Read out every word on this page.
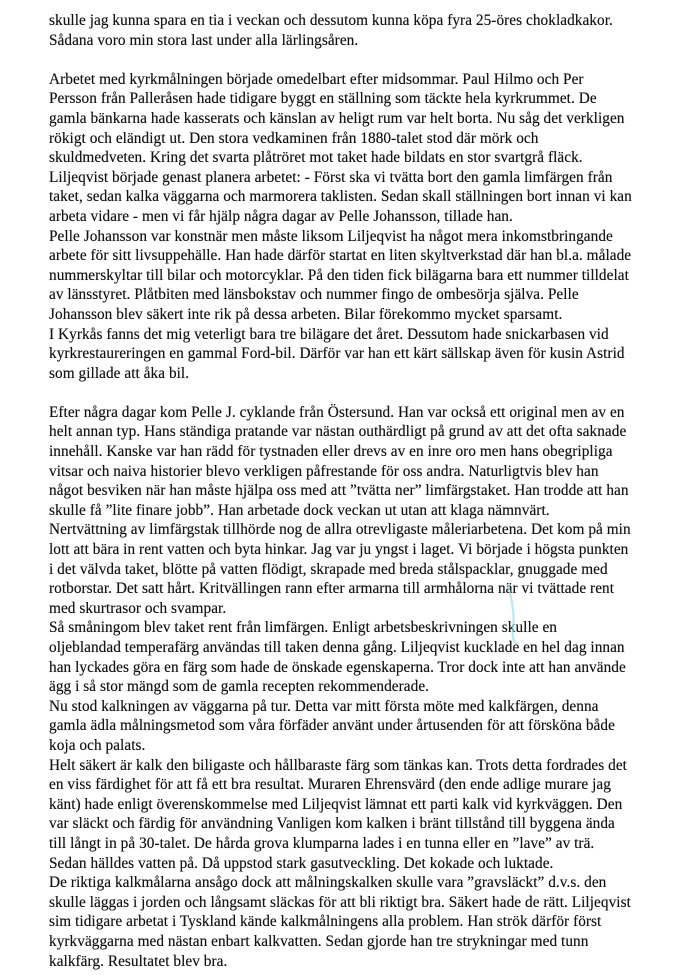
skulle jag kunna spara en tia i veckan och dessutom kunna köpa fyra 25-öres chokladkakor.
Sådana voro min stora last under alla lärlingsåren.
Arbetet med kyrkmålningen började omedelbart efter midsommar. Paul Hilmo och Per
Persson från Palleråsen hade tidigare byggt en ställning som täckte hela kyrkrummet. De
gamla bänkarna hade kasserats och känslan av heligt rum var helt borta. Nu såg det verkligen
rökigt och eländigt ut. Den stora vedkaminen från 1880-talet stod där mörk och
skuldmedveten. Kring det svarta plåtröret mot taket hade bildats en stor svartgrå fläck.
Liljeqvist började genast planera arbetet: - Först ska vi tvätta bort den gamla limfärgen från
taket, sedan kalka väggarna och marmorera taklisten. Sedan skall ställningen bort innan vi kan
arbeta vidare - men vi får hjälp några dagar av Pelle Johansson, tillade han.
Pelle Johansson var konstnär men måste liksom Liljeqvist ha något mera inkomstbringande
arbete för sitt livsuppehälle. Han hade därför startat en liten skyltverkstad där han bl.a. målade
nummerskyltar till bilar och motorcyklar. På den tiden fick bilägarna bara ett nummer tilldelat
av länsstyret. Plåtbiten med länsbokstav och nummer fingo de ombesörja själva. Pelle
Johansson blev säkert inte rik på dessa arbeten. Bilar förekommo mycket sparsamt.
I Kyrkås fanns det mig veterligt bara tre bilägare det året. Dessutom hade snickarbasen vid
kyrkrestaureringen en gammal Ford-bil. Därför var han ett kärt sällskap även för kusin Astrid
som gillade att åka bil.
Efter några dagar kom Pelle J. cyklande från Östersund. Han var också ett original men av en
helt annan typ. Hans ständiga pratande var nästan outhärdligt på grund av att det ofta saknade
innehåll. Kanske var han rädd för tystnaden eller drevs av en inre oro men hans obegripliga
vitsar och naiva historier blevo verkligen påfrestande för oss andra. Naturligtvis blev han
något besviken när han måste hjälpa oss med att ”tvätta ner” limfärgstaket. Han trodde att han
skulle få ”lite finare jobb”. Han arbetade dock veckan ut utan att klaga nämnvärt.
Nertvättning av limfärgstak tillhörde nog de allra otrevligaste måleriarbetena. Det kom på min
lott att bära in rent vatten och byta hinkar. Jag var ju yngst i laget. Vi började i högsta punkten
i det välvda taket, blötte på vatten flödigt, skrapade med breda stålspacklar, gnuggade med
rotborstar. Det satt hårt. Kritvällingen rann efter armarna till armhålorna när vi tvättade rent
med skurtrasor och svampar.
Så småningom blev taket rent från limfärgen. Enligt arbetsbeskrivningen skulle en
oljeblandad temperafärg användas till taken denna gång. Liljeqvist kucklade en hel dag innan
han lyckades göra en färg som hade de önskade egenskaperna. Tror dock inte att han använde
ägg i så stor mängd som de gamla recepten rekommenderade.
Nu stod kalkningen av väggarna på tur. Detta var mitt första möte med kalkfärgen, denna
gamla ädla målningsmetod som våra förfäder använt under årtusenden för att försköna både
koja och palats.
Helt säkert är kalk den biligaste och hållbaraste färg som tänkas kan. Trots detta fordrades det
en viss färdighet för att få ett bra resultat. Muraren Ehrensvärd (den ende adlige murare jag
känt) hade enligt överenskommelse med Liljeqvist lämnat ett parti kalk vid kyrkväggen. Den
var släckt och färdig för användning Vanligen kom kalken i bränt tillstånd till byggena ända
till långt in på 30-talet. De hårda grova klumparna lades i en tunna eller en ”lave” av trä.
Sedan hälldes vatten på. Då uppstod stark gasutveckling. Det kokade och luktade.
De riktiga kalkmålarna ansågo dock att målningskalken skulle vara ”gravsläckt” d.v.s. den
skulle läggas i jorden och långsamt släckas för att bli riktigt bra. Säkert hade de rätt. Liljeqvist
sim tidigare arbetat i Tyskland kände kalkmålningens alla problem. Han strök därför först
kyrkväggarna med nästan enbart kalkvatten. Sedan gjorde han tre strykningar med tunn
kalkfärg. Resultatet blev bra.
